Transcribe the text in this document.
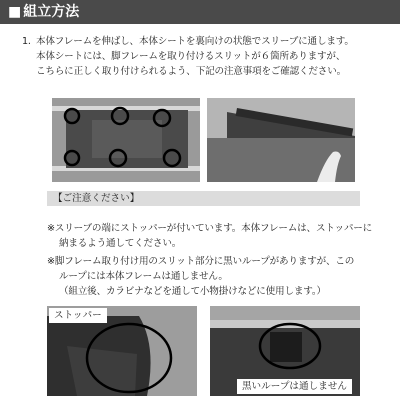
■ 組立方法
1. 本体フレームを伸ばし、本体シートを裏向けの状態でスリーブに通します。
本体シートには、脚フレームを取り付けるスリットが６箇所ありますが、
こちらに正しく取り付けられるよう、下記の注意事項をご確認ください。
【ご注意ください】
※スリーブの端にストッパーが付いています。本体フレームは、ストッパーに
納まるよう通してください。
※脚フレーム取り付け用のスリット部分に黒いループがありますが、この
ループには本体フレームは通しません。
（組立後、カラビナなどを通して小物掛けなどに使用します。）
ストッパー
黒いループは通しません
